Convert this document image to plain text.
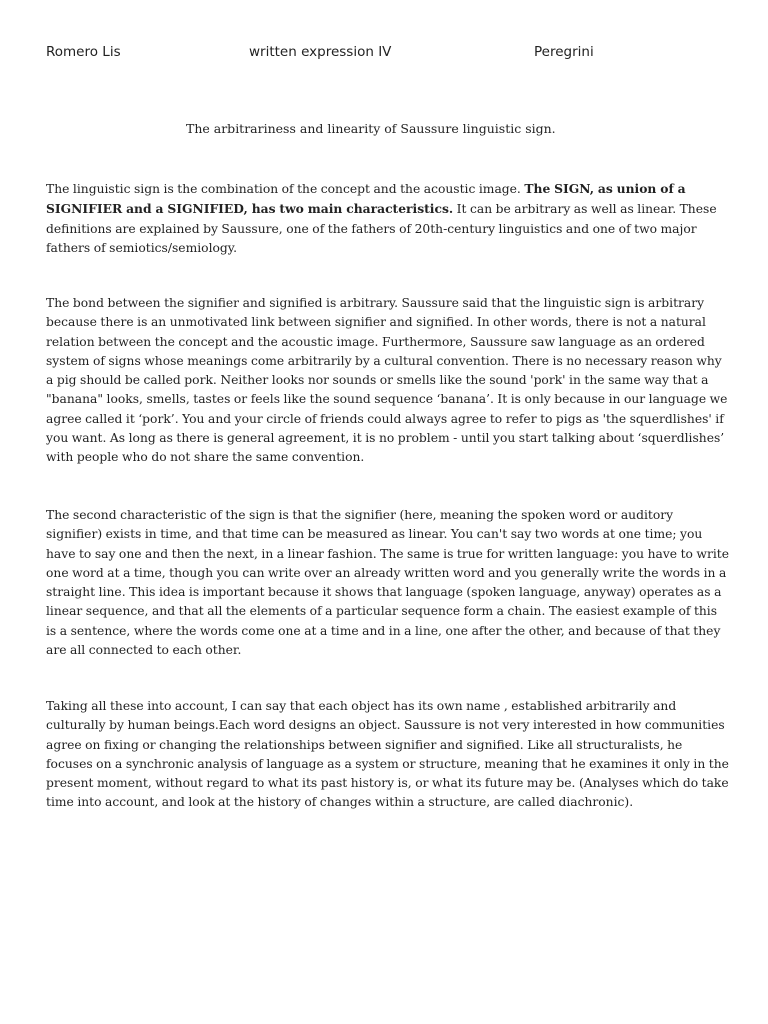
Romero Lis	written expression IV	Peregrini
The arbitrariness and linearity of Saussure linguistic sign.

The linguistic sign is the combination of the concept and the acoustic image. The SIGN, as union of a SIGNIFIER and a SIGNIFIED, has two main characteristics. It can be arbitrary as well as linear. These definitions are explained by Saussure, one of the fathers of 20th-century linguistics and one of two major fathers of semiotics/semiology.

The bond between the signifier and signified is arbitrary. Saussure said that the linguistic sign is arbitrary because there is an unmotivated link between signifier and signified. In other words, there is not a natural relation between the concept and the acoustic image. Furthermore, Saussure saw language as an ordered system of signs whose meanings come arbitrarily by a cultural convention. There is no necessary reason why a pig should be called pork. Neither looks nor sounds or smells like the sound 'pork' in the same way that a "banana" looks, smells, tastes or feels like the sound sequence ‘banana’. It is only because in our language we agree called it ‘pork’. You and your circle of friends could always agree to refer to pigs as 'the squerdlishes' if you want. As long as there is general agreement, it is no problem - until you start talking about ‘squerdlishes’ with people who do not share the same convention.

The second characteristic of the sign is that the signifier (here, meaning the spoken word or auditory signifier) exists in time, and that time can be measured as linear. You can't say two words at one time; you have to say one and then the next, in a linear fashion. The same is true for written language: you have to write one word at a time, though you can write over an already written word and you generally write the words in a straight line. This idea is important because it shows that language (spoken language, anyway) operates as a linear sequence, and that all the elements of a particular sequence form a chain. The easiest example of this is a sentence, where the words come one at a time and in a line, one after the other, and because of that they are all connected to each other.

Taking all these into account, I can say that each object has its own name , established arbitrarily and culturally by human beings.Each word designs an object. Saussure is not very interested in how communities agree on fixing or changing the relationships between signifier and signified. Like all structuralists, he focuses on a synchronic analysis of language as a system or structure, meaning that he examines it only in the present moment, without regard to what its past history is, or what its future may be. (Analyses which do take time into account, and look at the history of changes within a structure, are called diachronic).
